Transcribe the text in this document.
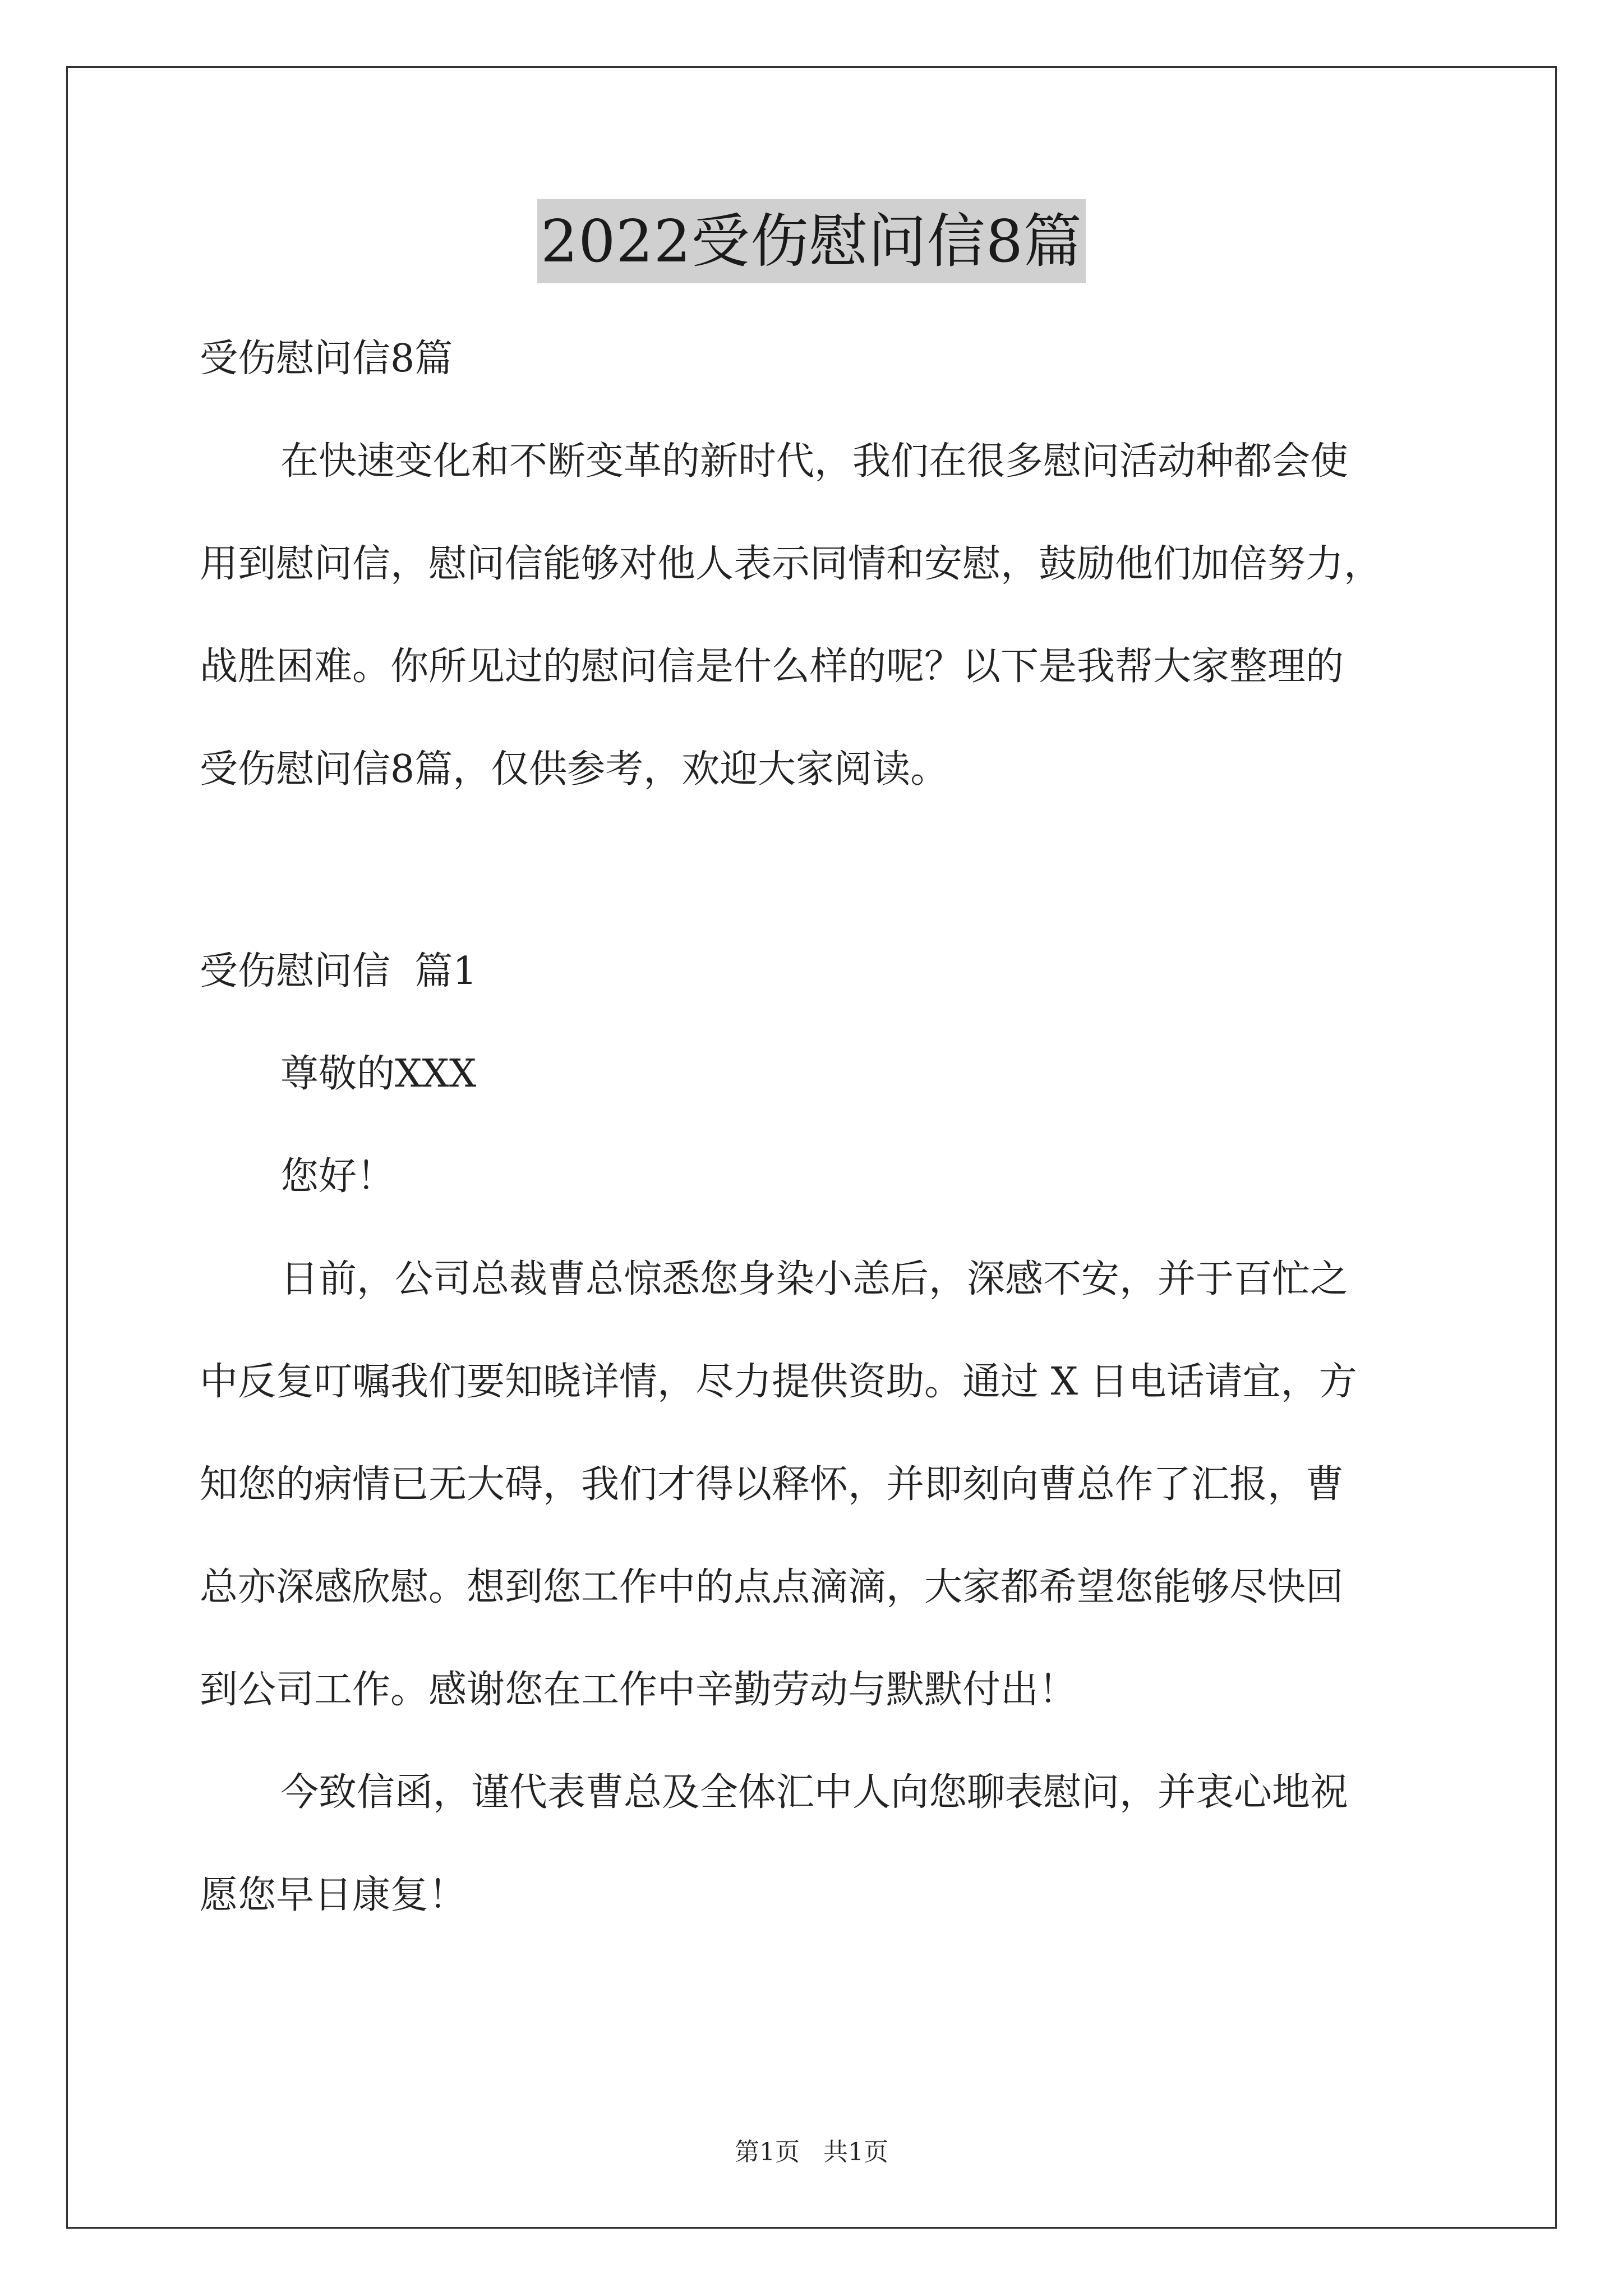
2022受伤慰问信8篇

受伤慰问信8篇

在快速变化和不断变革的新时代，我们在很多慰问活动种都会使

用到慰问信，慰问信能够对他人表示同情和安慰，鼓励他们加倍努力，

战胜困难。你所见过的慰问信是什么样的呢？以下是我帮大家整理的

受伤慰问信8篇，仅供参考，欢迎大家阅读。

受伤慰问信  篇1

尊敬的XXX

您好！

日前，公司总裁曹总惊悉您身染小恙后，深感不安，并于百忙之

中反复叮嘱我们要知晓详情，尽力提供资助。通过 X 日电话请宜，方

知您的病情已无大碍，我们才得以释怀，并即刻向曹总作了汇报，曹

总亦深感欣慰。想到您工作中的点点滴滴，大家都希望您能够尽快回

到公司工作。感谢您在工作中辛勤劳动与默默付出！

今致信函，谨代表曹总及全体汇中人向您聊表慰问，并衷心地祝

愿您早日康复！

第1页   共1页
